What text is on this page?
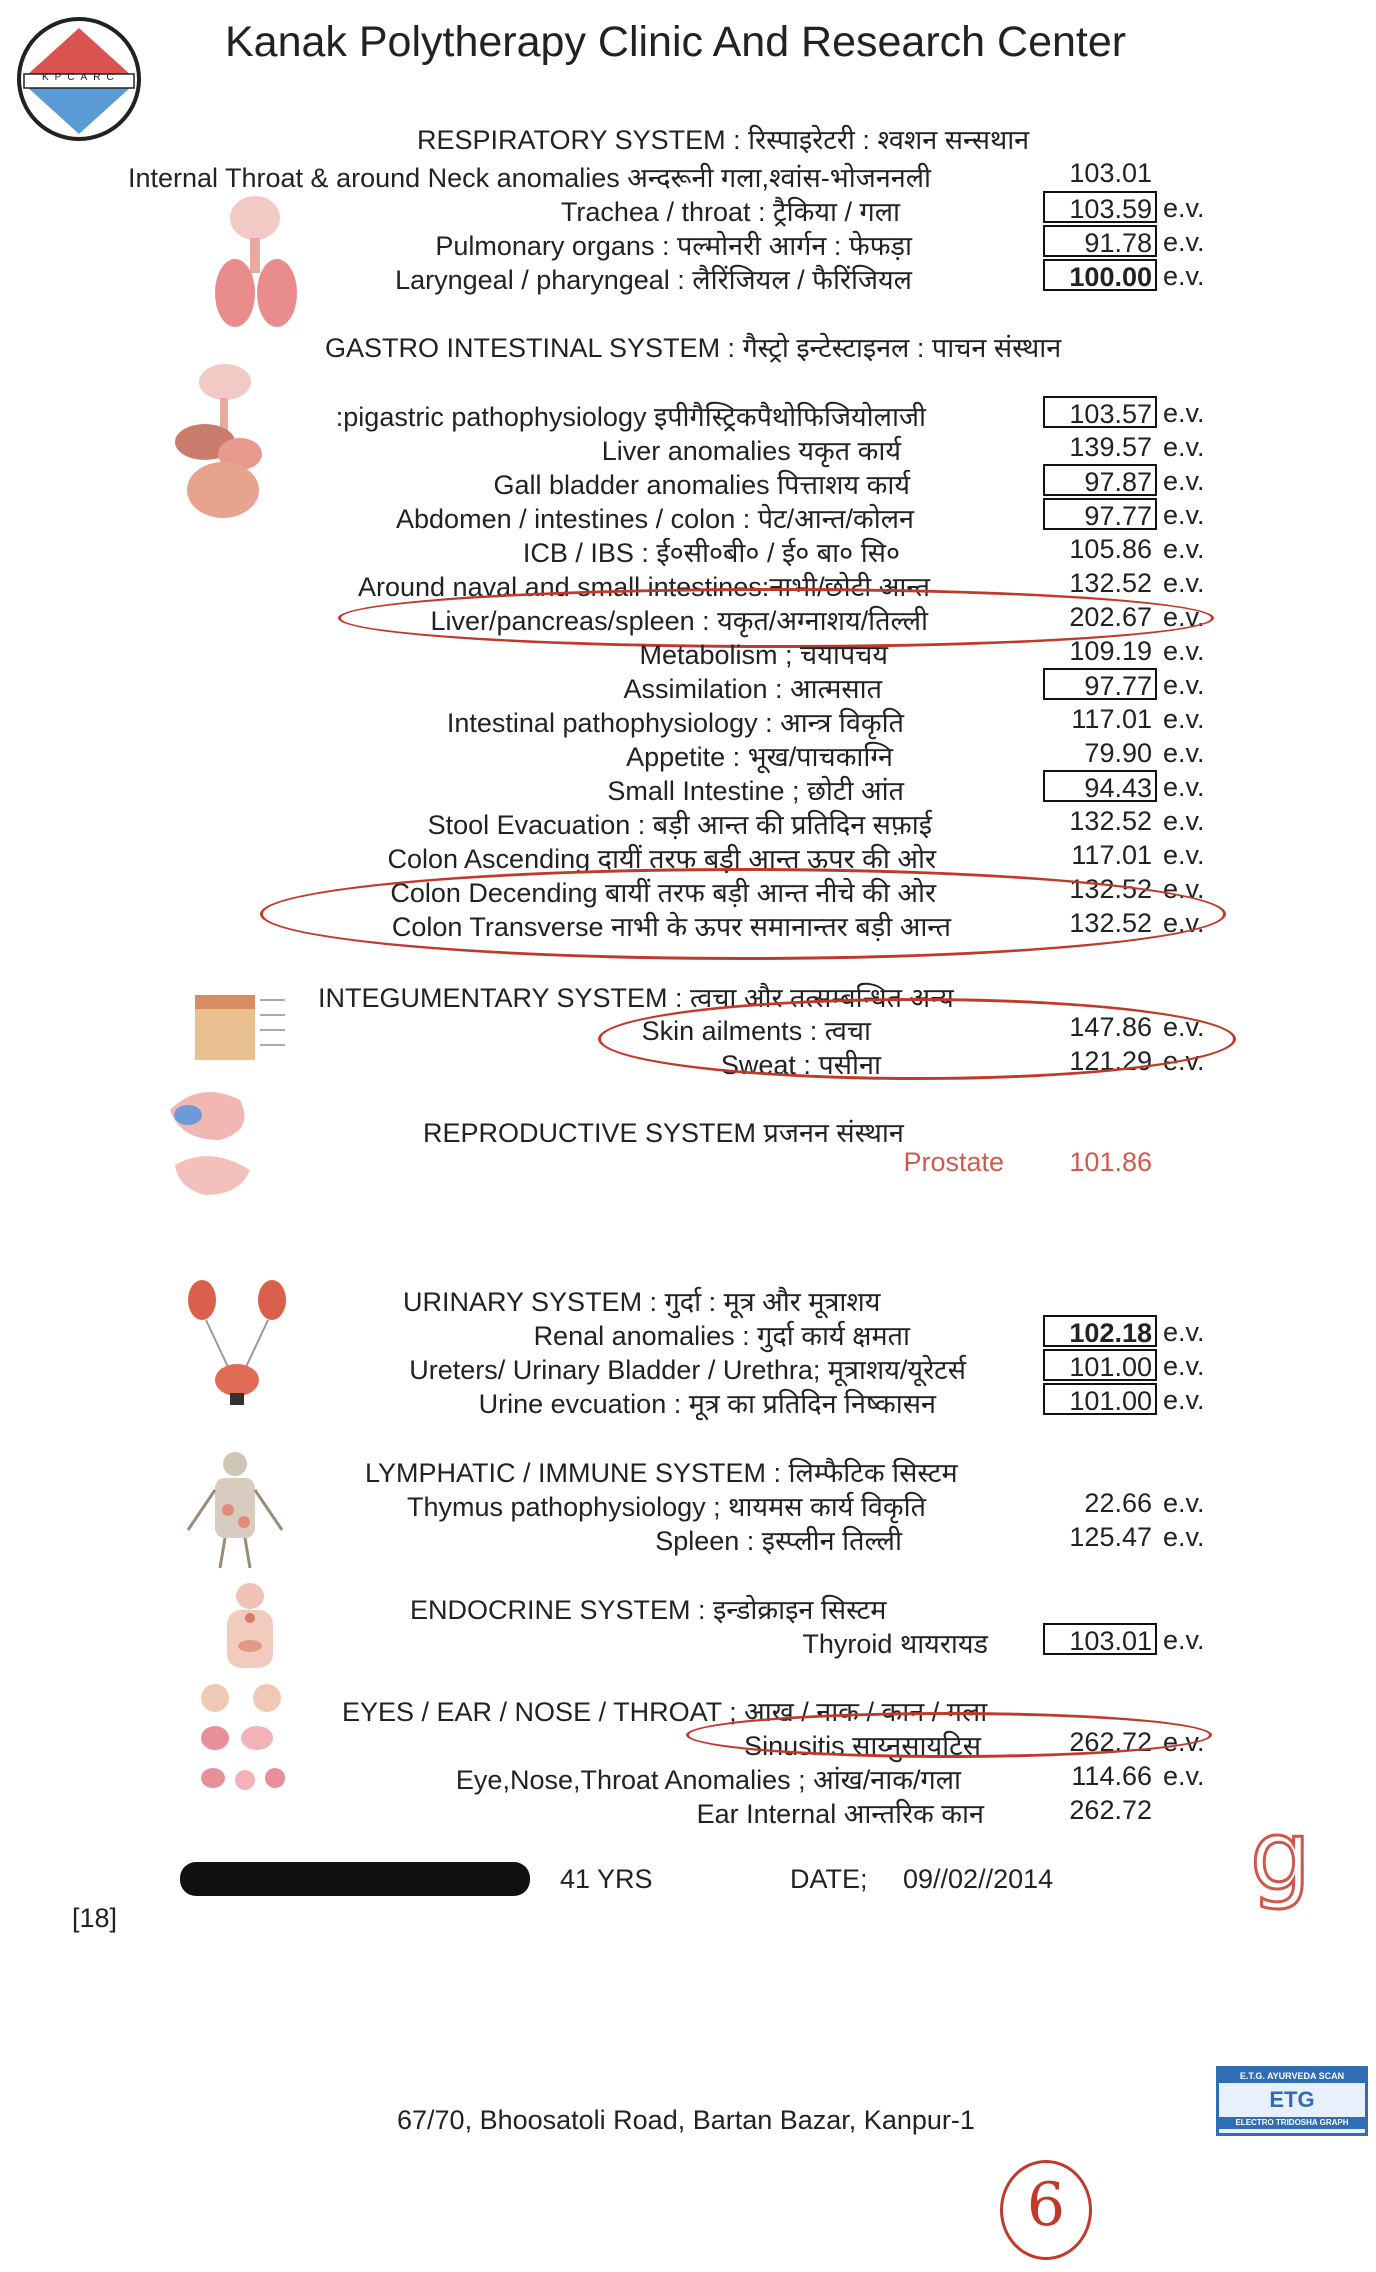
KPCARC
Kanak Polytherapy Clinic And Research Center
RESPIRATORY SYSTEM : रिस्पाइरेटरी : श्वशन सन्सथान
Internal Throat & around Neck anomalies अन्दरूनी गला,श्वांस-भोजननली	103.01
Trachea / throat : ट्रैकिया / गला	103.59 e.v.
Pulmonary organs : पल्मोनरी आर्गन : फेफड़ा	91.78 e.v.
Laryngeal / pharyngeal : लैरिंजियल / फैरिंजियल	100.00 e.v.
GASTRO INTESTINAL SYSTEM : गैस्ट्रो इन्टेस्टाइनल : पाचन संस्थान
:pigastric pathophysiology इपीगैस्ट्रिकपैथोफिजियोलाजी	103.57 e.v.
Liver anomalies यकृत कार्य	139.57 e.v.
Gall bladder anomalies पित्ताशय कार्य	97.87 e.v.
Abdomen / intestines / colon : पेट/आन्त/कोलन	97.77 e.v.
ICB / IBS : ई०सी०बी० / ई० बा० सि०	105.86 e.v.
Around naval and small intestines:नाभी/छोटी आन्त	132.52 e.v.
Liver/pancreas/spleen : यकृत/अग्नाशय/तिल्ली	202.67 e.v.
Metabolism ; चयापचय	109.19 e.v.
Assimilation : आत्मसात	97.77 e.v.
Intestinal pathophysiology : आन्त्र विकृति	117.01 e.v.
Appetite : भूख/पाचकाग्नि	79.90 e.v.
Small Intestine ; छोटी आंत	94.43 e.v.
Stool Evacuation : बड़ी आन्त की प्रतिदिन सफ़ाई	132.52 e.v.
Colon Ascending दायीं तरफ बड़ी आन्त ऊपर की ओर	117.01 e.v.
Colon Decending बायीं तरफ बड़ी आन्त नीचे की ओर	132.52 e.v.
Colon Transverse नाभी के ऊपर समानान्तर बड़ी आन्त	132.52 e.v.
INTEGUMENTARY SYSTEM : त्वचा और तत्सम्बन्धित अन्य
Skin ailments : त्वचा	147.86 e.v.
Sweat : पसीना	121.29 e.v.
REPRODUCTIVE SYSTEM प्रजनन संस्थान
Prostate	101.86
URINARY SYSTEM : गुर्दा : मूत्र और मूत्राशय
Renal anomalies : गुर्दा कार्य क्षमता	102.18 e.v.
Ureters/ Urinary Bladder / Urethra; मूत्राशय/यूरेटर्स	101.00 e.v.
Urine evcuation : मूत्र का प्रतिदिन निष्कासन	101.00 e.v.
LYMPHATIC / IMMUNE SYSTEM : लिम्फैटिक सिस्टम
Thymus pathophysiology ; थायमस कार्य विकृति	22.66 e.v.
Spleen : इस्प्लीन तिल्ली	125.47 e.v.
ENDOCRINE SYSTEM : इन्डोक्राइन सिस्टम
Thyroid थायरायड	103.01 e.v.
EYES / EAR / NOSE / THROAT ; आख / नाक / कान / गला
Sinusitis साय्नुसायटिस	262.72 e.v.
Eye,Nose,Throat Anomalies ; आंख/नाक/गला	114.66 e.v.
Ear Internal आन्तरिक कान	262.72
41 YRS	DATE; 09//02//2014 g
[18]
67/70, Bhoosatoli Road, Bartan Bazar, Kanpur-1
E.T.G. AYURVEDA SCAN
ETG
ELECTRO TRIDOSHA GRAPH
6
